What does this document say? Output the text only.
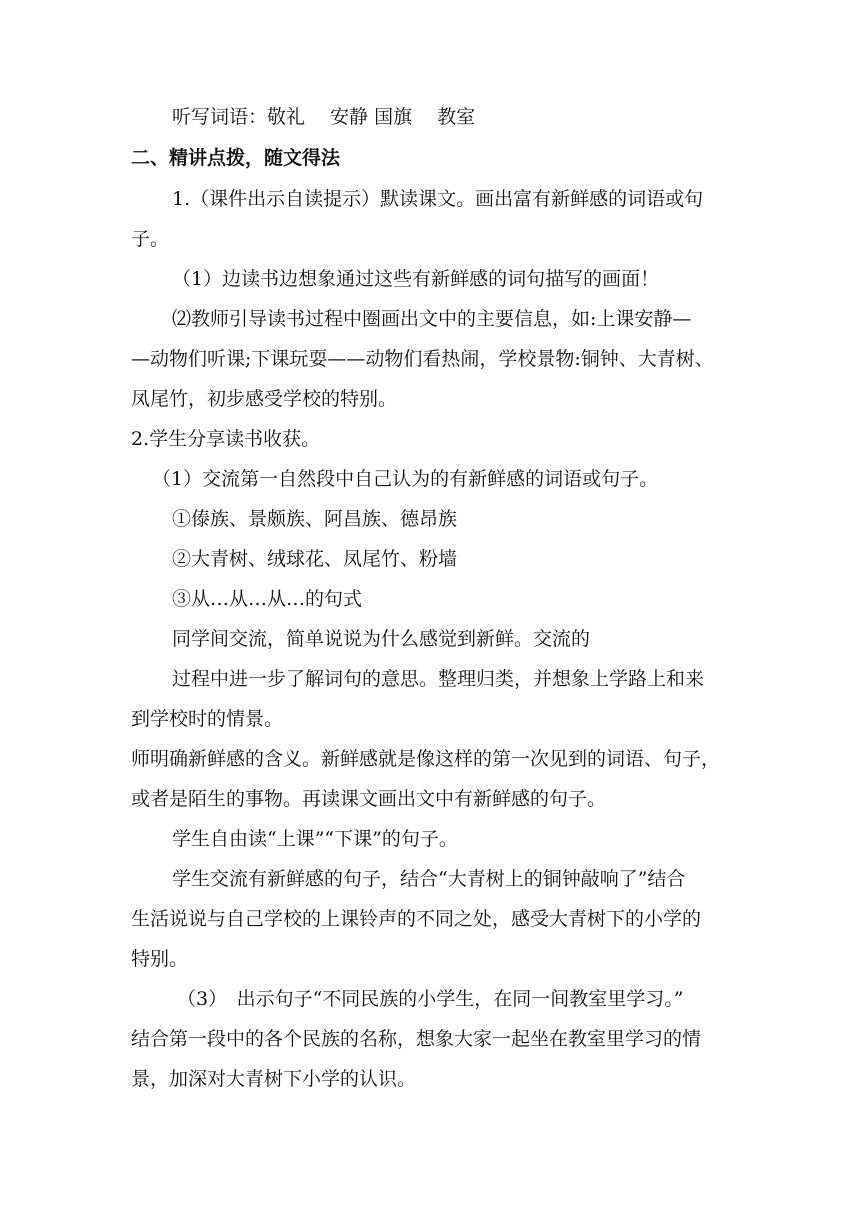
听写词语：敬礼　 安静 国旗　 教室
二、精讲点拨，随文得法
1.（课件出示自读提示）默读课文。画出富有新鲜感的词语或句
子。
（1）边读书边想象通过这些有新鲜感的词句描写的画面！
⑵教师引导读书过程中圈画出文中的主要信息，如:上课安静—
—动物们听课;下课玩耍——动物们看热闹，学校景物:铜钟、大青树、
凤尾竹，初步感受学校的特别。
2.学生分享读书收获。
（1）交流第一自然段中自己认为的有新鲜感的词语或句子。
①傣族、景颇族、阿昌族、德昂族
②大青树、绒球花、凤尾竹、粉墙
③从…从…从…的句式
同学间交流，简单说说为什么感觉到新鲜。交流的
过程中进一步了解词句的意思。整理归类，并想象上学路上和来
到学校时的情景。
师明确新鲜感的含义。新鲜感就是像这样的第一次见到的词语、句子，
或者是陌生的事物。再读课文画出文中有新鲜感的句子。
学生自由读“上课”“下课”的句子。
学生交流有新鲜感的句子，结合“大青树上的铜钟敲响了”结合
生活说说与自己学校的上课铃声的不同之处，感受大青树下的小学的
特别。
（3）　出示句子“不同民族的小学生，在同一间教室里学习。”
结合第一段中的各个民族的名称，想象大家一起坐在教室里学习的情
景，加深对大青树下小学的认识。
